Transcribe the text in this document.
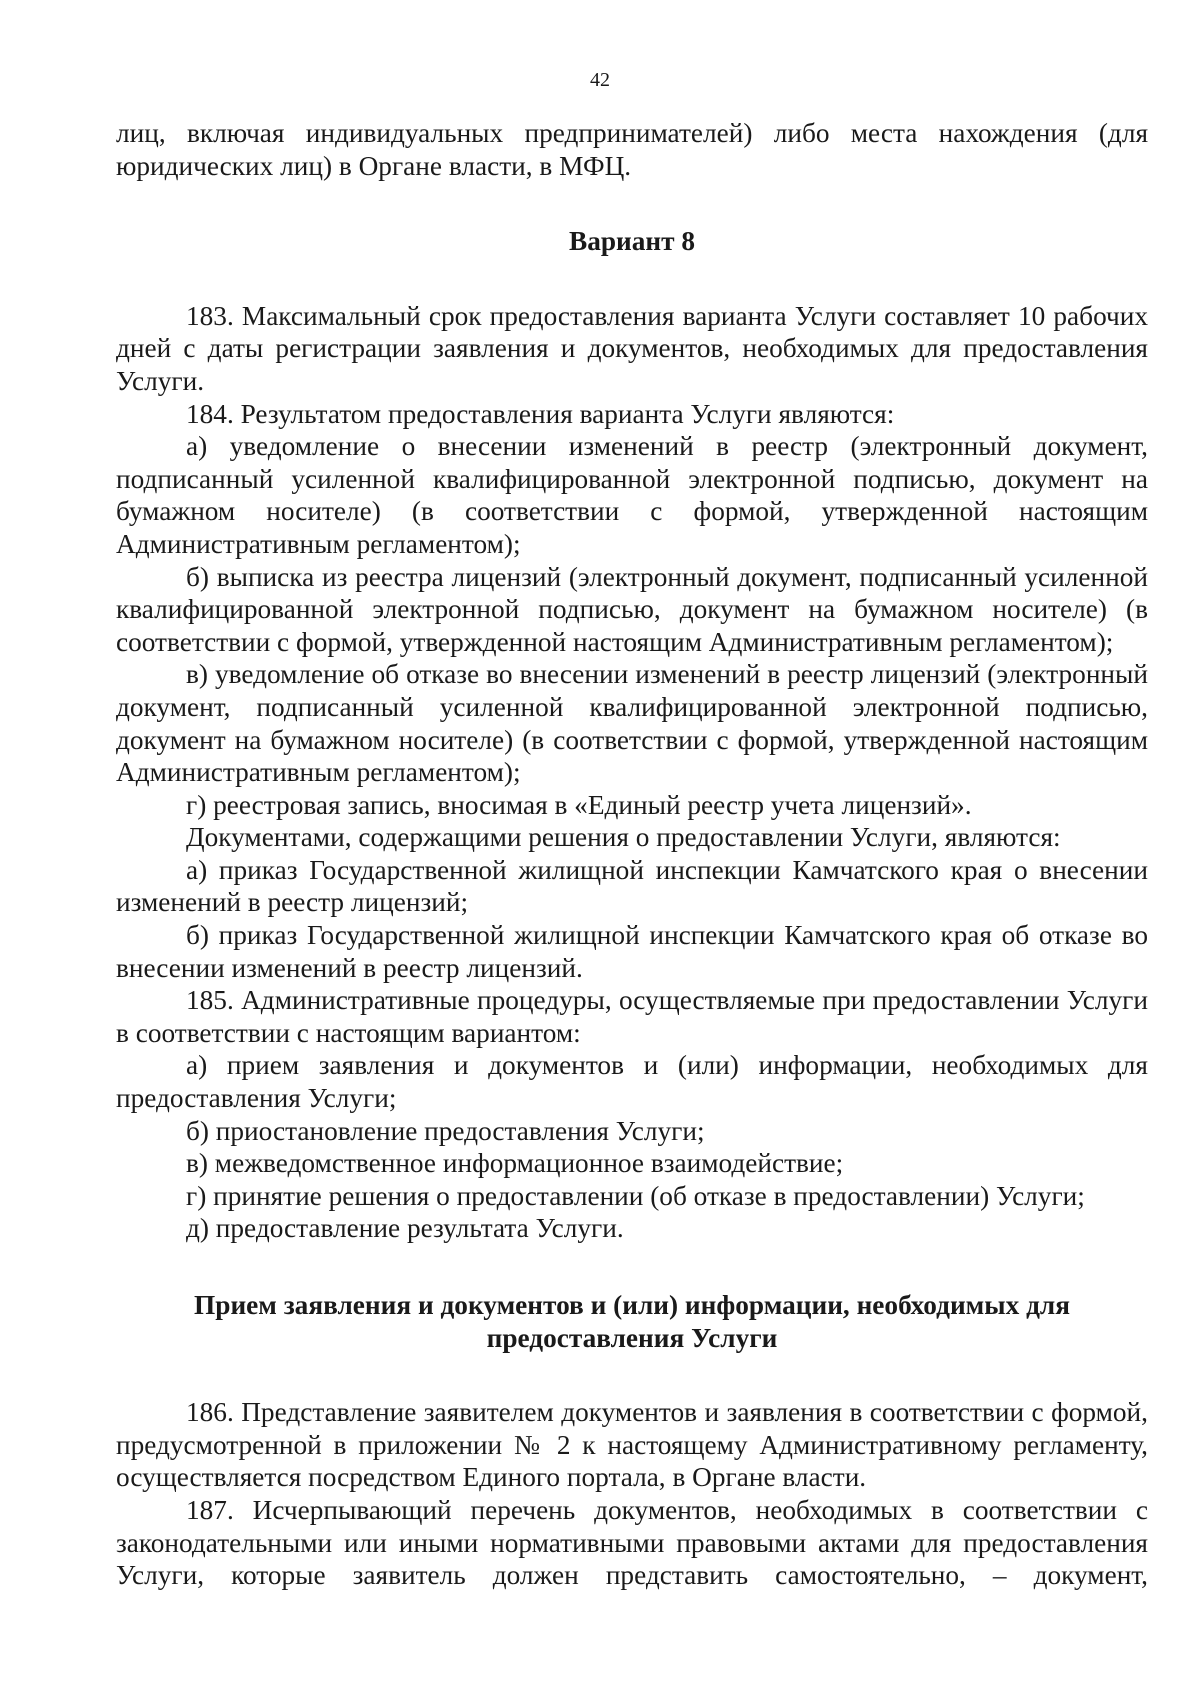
42

лиц, включая индивидуальных предпринимателей) либо места нахождения (для юридических лиц) в Органе власти, в МФЦ.

Вариант 8

183. Максимальный срок предоставления варианта Услуги составляет 10 рабочих дней с даты регистрации заявления и документов, необходимых для предоставления Услуги.

184. Результатом предоставления варианта Услуги являются:

а) уведомление о внесении изменений в реестр (электронный документ, подписанный усиленной квалифицированной электронной подписью, документ на бумажном носителе) (в соответствии с формой, утвержденной настоящим Административным регламентом);

б) выписка из реестра лицензий (электронный документ, подписанный усиленной квалифицированной электронной подписью, документ на бумажном носителе) (в соответствии с формой, утвержденной настоящим Административным регламентом);

в) уведомление об отказе во внесении изменений в реестр лицензий (электронный документ, подписанный усиленной квалифицированной электронной подписью, документ на бумажном носителе) (в соответствии с формой, утвержденной настоящим Административным регламентом);

г) реестровая запись, вносимая в «Единый реестр учета лицензий».

Документами, содержащими решения о предоставлении Услуги, являются:

а) приказ Государственной жилищной инспекции Камчатского края о внесении изменений в реестр лицензий;

б) приказ Государственной жилищной инспекции Камчатского края об отказе во внесении изменений в реестр лицензий.

185. Административные процедуры, осуществляемые при предоставлении Услуги в соответствии с настоящим вариантом:

а) прием заявления и документов и (или) информации, необходимых для предоставления Услуги;

б) приостановление предоставления Услуги;

в) межведомственное информационное взаимодействие;

г) принятие решения о предоставлении (об отказе в предоставлении) Услуги;

д) предоставление результата Услуги.

Прием заявления и документов и (или) информации, необходимых для
предоставления Услуги

186. Представление заявителем документов и заявления в соответствии с формой, предусмотренной в приложении № 2 к настоящему Административному регламенту, осуществляется посредством Единого портала, в Органе власти.

187. Исчерпывающий перечень документов, необходимых в соответствии с законодательными или иными нормативными правовыми актами для предоставления Услуги, которые заявитель должен представить самостоятельно, – документ,
